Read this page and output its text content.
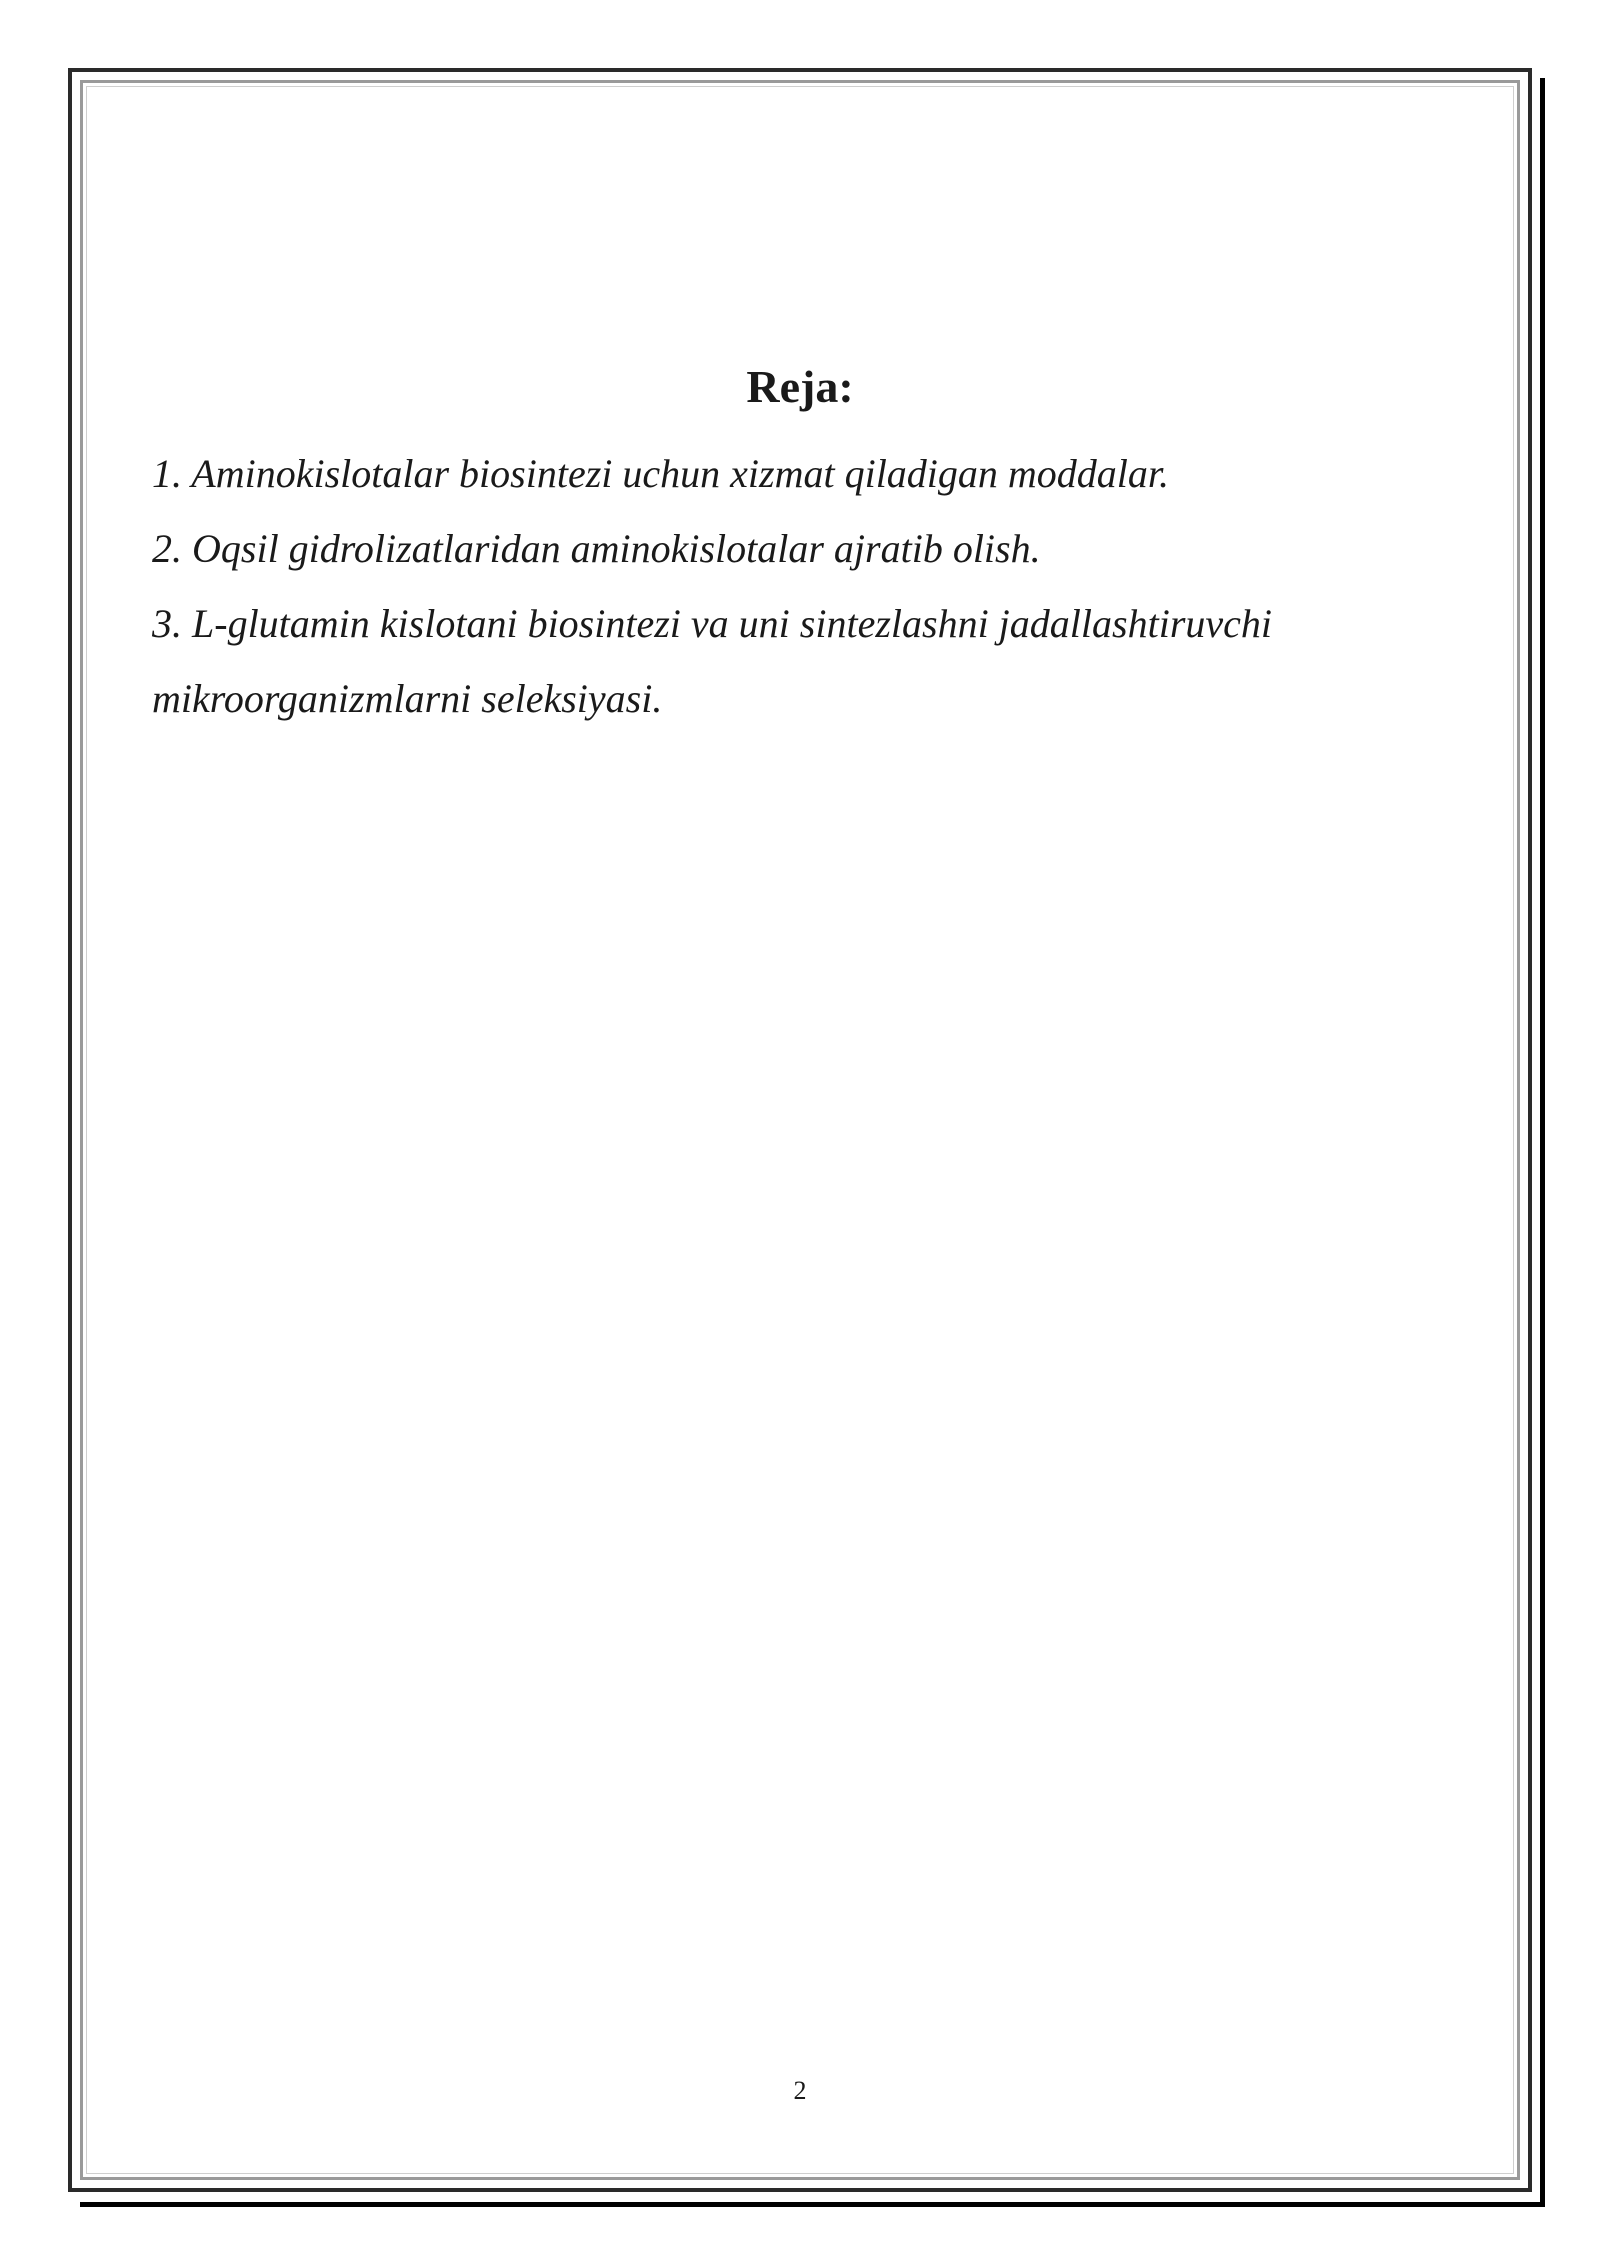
Reja:
1. Aminokislotalar biosintezi uchun xizmat qiladigan moddalar.
2. Oqsil gidrolizatlaridan aminokislotalar ajratib olish.
3. L-glutamin kislotani biosintezi va uni sintezlashni jadallashtiruvchi mikroorganizmlarni seleksiyasi.
2
